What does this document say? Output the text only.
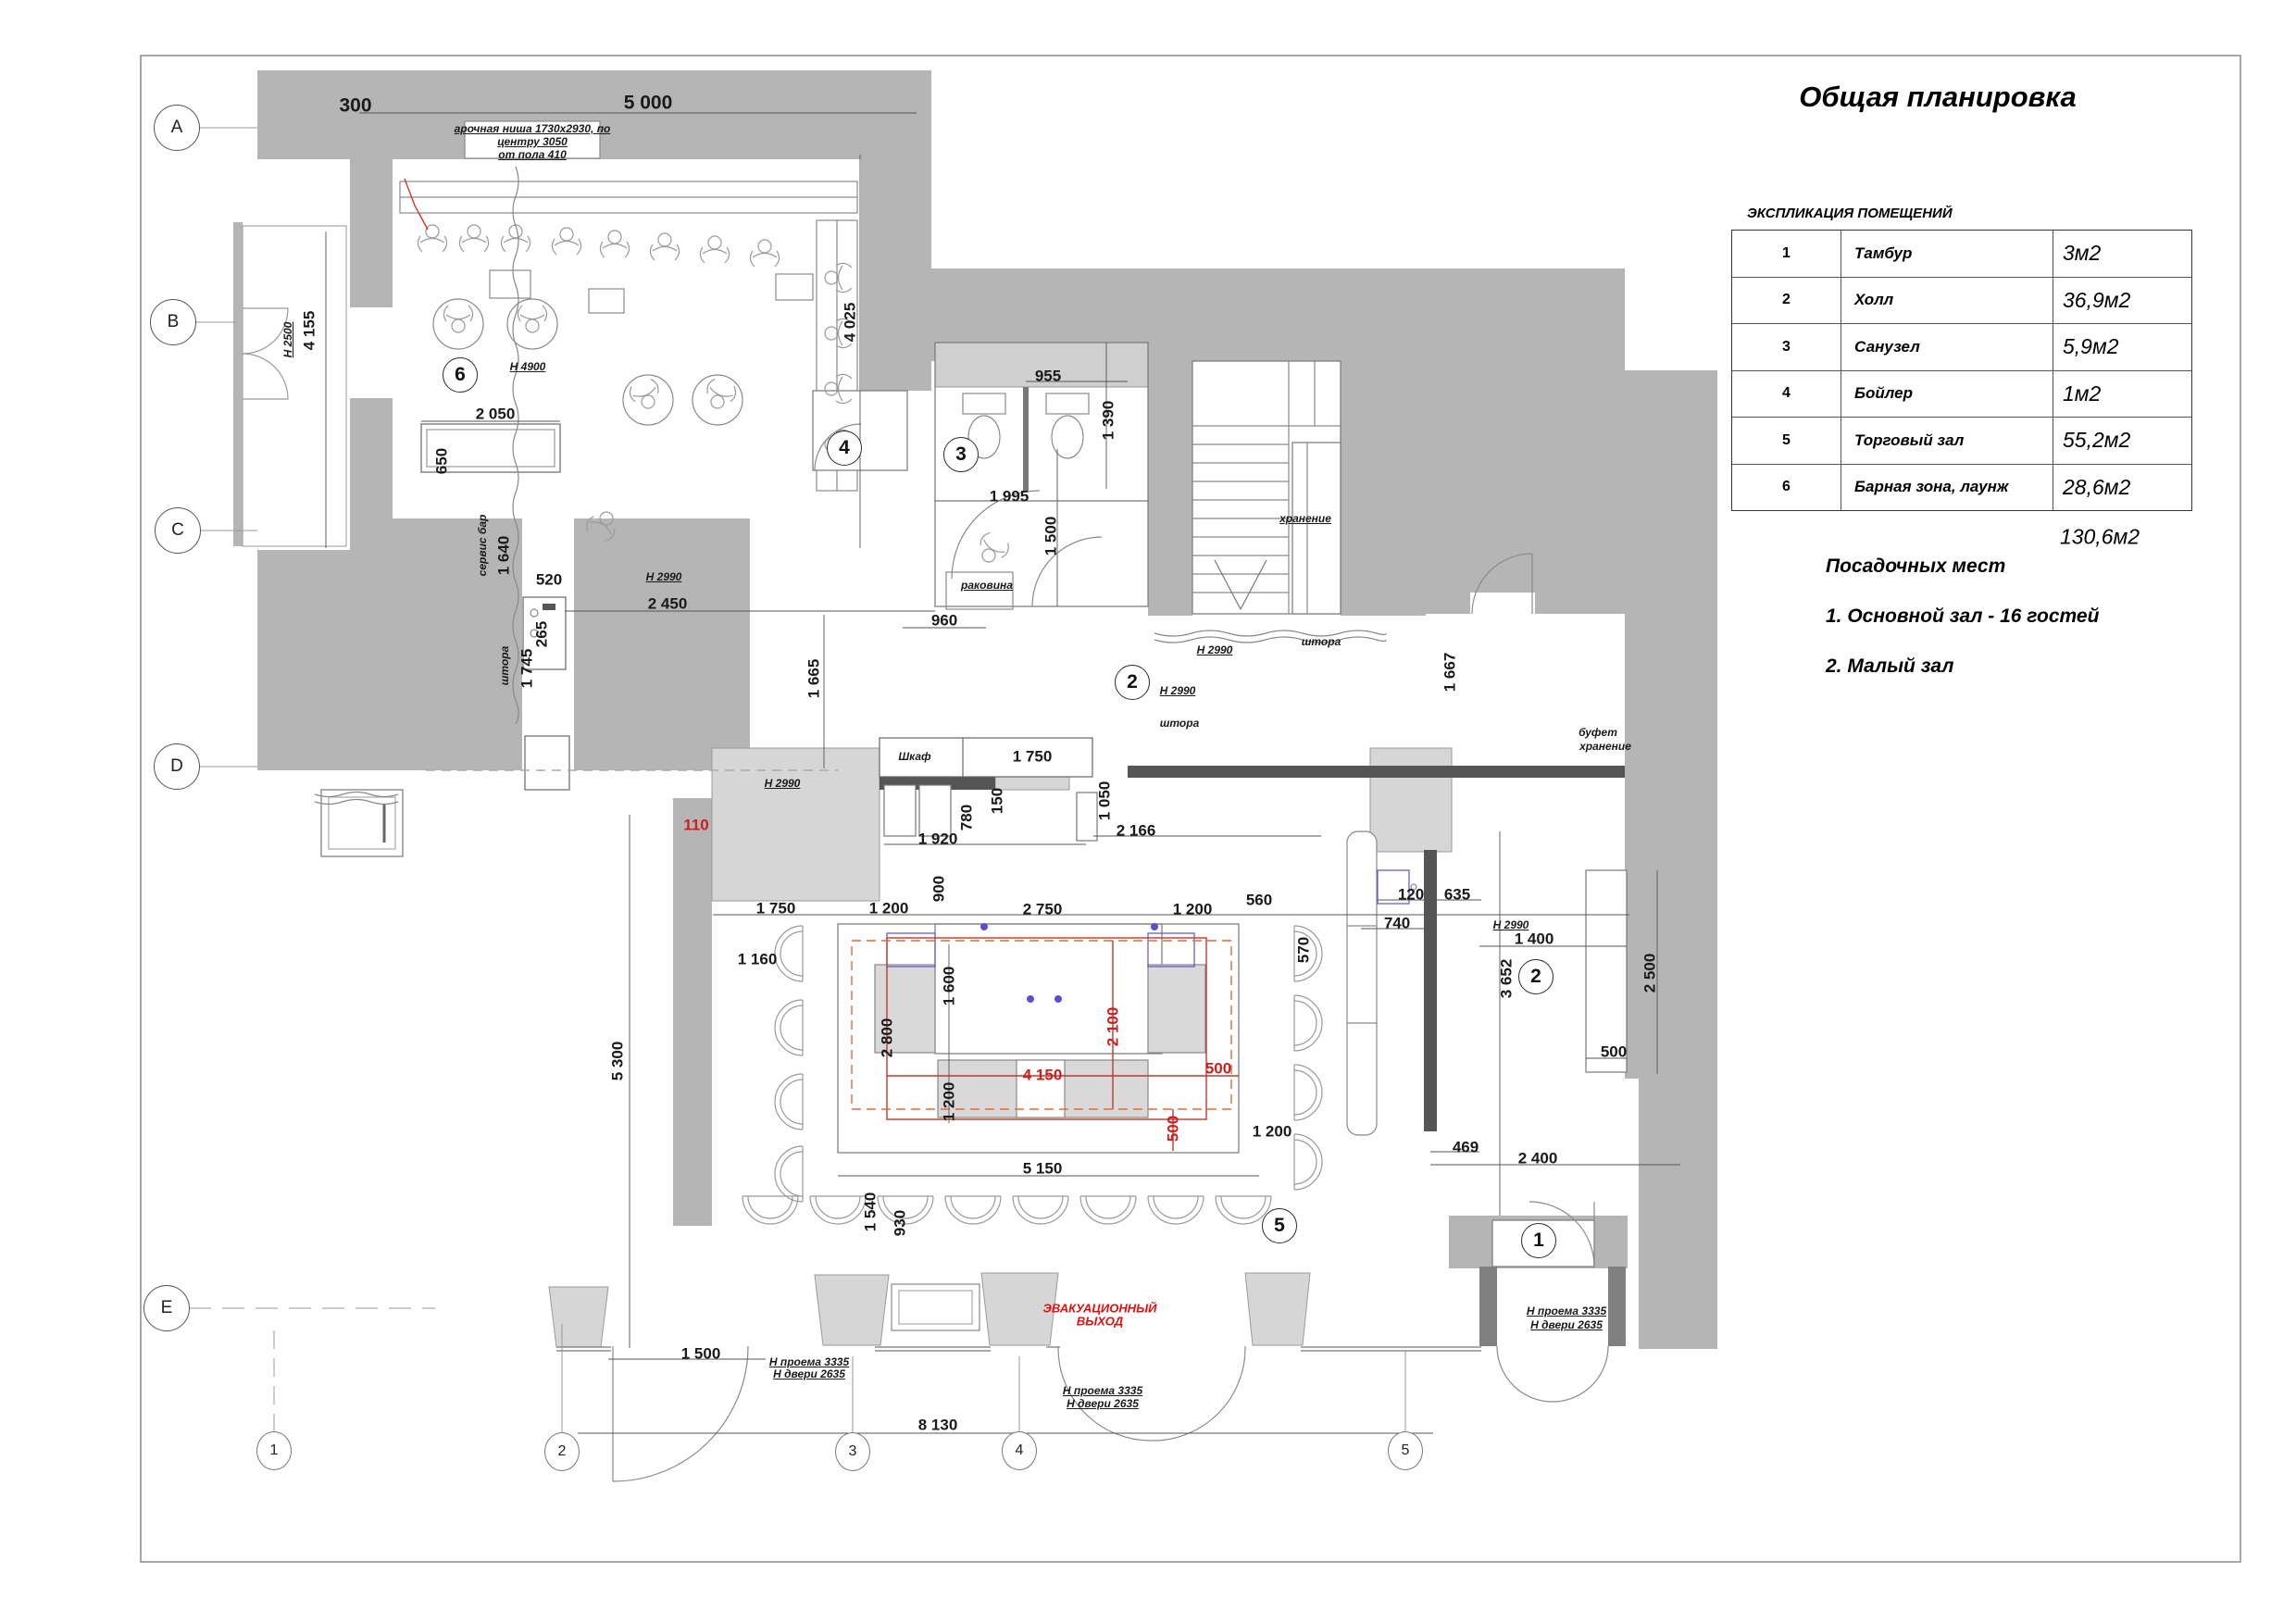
300	5 000
арочная ниша 1730х2930, по
центру 3050
от пола 410
4 025
H 2500 4 155
H 4900
2 050
650
сервис бар 1 640
520
265
1 745
штора
H 2990
2 450
1 665
960
955
1 390
1 995
1 500
раковина
хранение
штора
H 2990
H 2990
штора
1 667
буфет
хранение
H 2990
Шкаф	1 750
150
780
1 920
1 050
2 166
110
900
1 750	1 200	2 750	1 200
560
570
1 160
1 600
2 800	2 100
4 150	500
500
1 200
1 200
5 150
5 300
1 540 930
120 635
740	H 2990
1 400
3 652	2 500
500
469
2 400
1 500	Н проема 3335
Н двери 2635
8 130
ЭВАКУАЦИОННЫЙ
ВЫХОД
Н проема 3335
Н двери 2635
Н проема 3335
Н двери 2635
6
4	3
2
2
5
1
A
B
C
D
E
1	2	3	4	5
Общая планировка
ЭКСПЛИКАЦИЯ ПОМЕЩЕНИЙ
1	Тамбур	3м2
2	Холл	36,9м2
3	Санузел	5,9м2
4	Бойлер	1м2
5	Торговый зал	55,2м2
6	Барная зона, лаунж	28,6м2
130,6м2
Посадочных мест
1. Основной зал - 16 гостей
2. Малый зал
